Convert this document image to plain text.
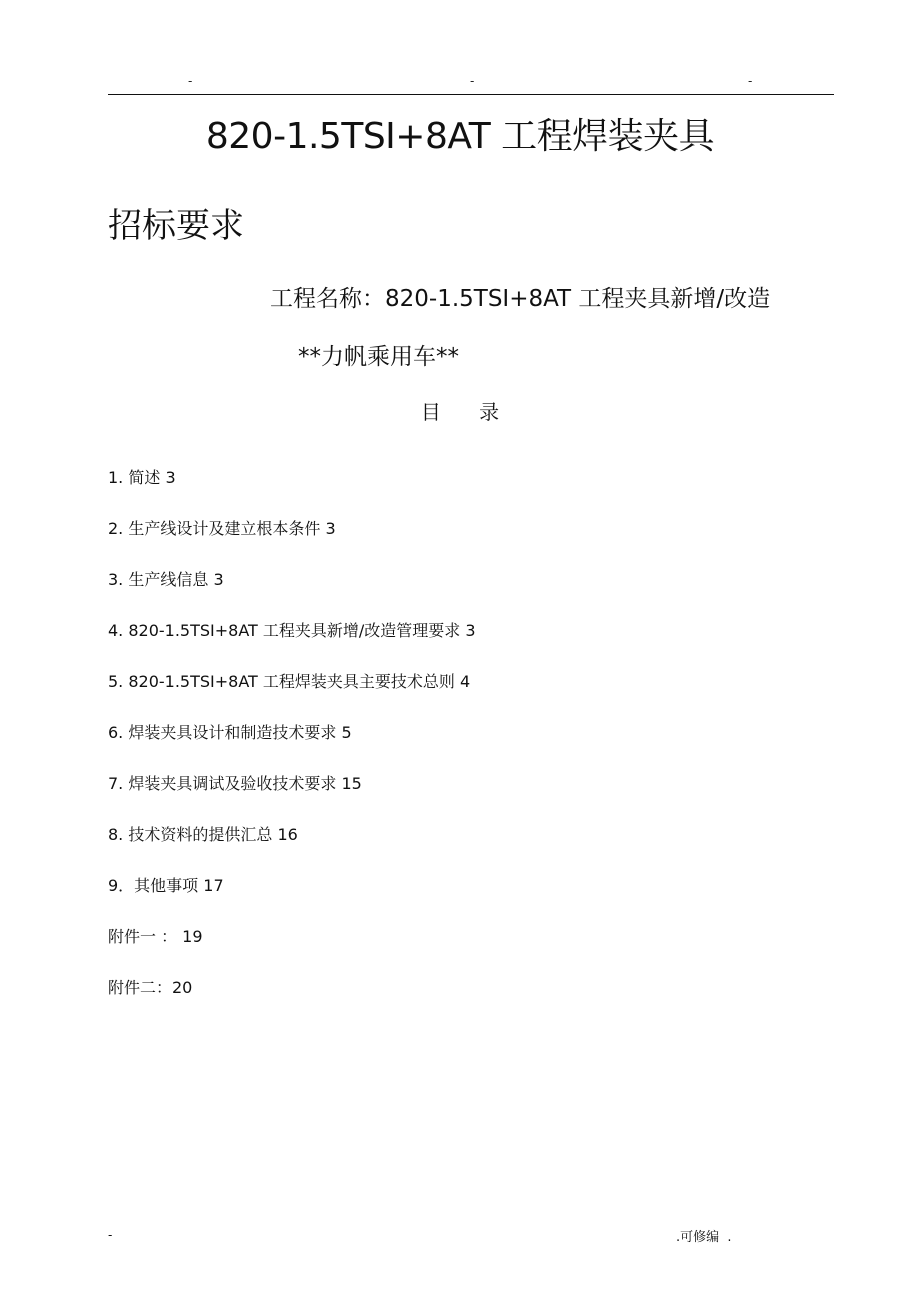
-	-	-
820-1.5TSI+8AT 工程焊装夹具
招标要求
工程名称：820-1.5TSI+8AT 工程夹具新增/改造
**力帆乘用车**
目      录
1. 简述 3
2. 生产线设计及建立根本条件 3
3. 生产线信息 3
4. 820-1.5TSI+8AT 工程夹具新增/改造管理要求 3
5. 820-1.5TSI+8AT 工程焊装夹具主要技术总则 4
6. 焊装夹具设计和制造技术要求 5
7. 焊装夹具调试及验收技术要求 15
8. 技术资料的提供汇总 16
9．其他事项 17
附件一 ： 19
附件二：20
-	.可修编  .
